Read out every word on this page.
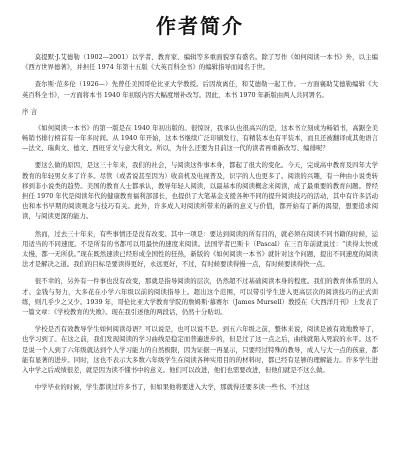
作者简介

莫提默·J.艾德勒（1902—2001）以学者、教育家、编辑等多重面貌享有盛名。除了写作《如何阅读一本书》外，以主编《西方世界德著》，并担任 1974 年第十五版《大英百科全书》的编辑指导而闻名于世。

查尔斯·范多伦（1926—）先曾任美国哥伦比亚大学教授。后因故离任，和艾德勒一起工作。一方面襄助艾德勒编辑《大英百科全书》，一方面将本书 1940 年初版内容大幅度增补改写。因此，本书 1970 年新版由两人共同署名。

序 言

《如何阅读一本书》的第一版是在 1940 年初出版的。很惊讶，我承认也很高兴的是，这本书立刻成为畅销书，高踞全美畅销书排行榜首有一年多时间。从 1940 年开始，这本书继续广泛印刷发行，有精装本也有平装本，而且还被翻译成其他语言—法文、瑞典文、德文、西班牙文与意大利文。所以，为什么还要为目前这一代的读者再重新改写、编排呢？

要这么做的原因，是这三十年来，我们的社会，与阅读这件事本身，都起了很大的变化。今天，完成高中教育及四年大学教育的年轻男女多了许多。尽管（或者说甚至因为）收音机及电视普及，识字的人也更多了。阅读的兴趣，有一种由小说类转移到非小说类的趋势。美国的教育人士都承认，教导年轻人阅读，以最基本的阅读概念来阅读，成了最重要的教育问题。曾经担任 1970 年代是阅读年代的健康教育福利部部长，也提供了大笔基金支援各种不同的提升阅读技巧的活动，其中有许多活动也和本书早期的阅读观念与技巧有关。此外，许多成人对阅读所带来的新的意义与价值，都开始有了新的渴望，想要追求阅读，与阅读更深的能力。

然而，过去三十年来，有些事情还是没有改变。其中一项是：要达到阅读的所有目的，就必须在阅读不同书籍的时候，运用适当的不同速度。不是所有的书都可以用最快的速度来阅读。法国学者巴斯卡（Pascal）在三百年前就说过：“读得太快或太慢，都一无所获。”现在既然速读已经形成全国性的狂热，新版的《如何阅读一本书》就针对这个问题，提出不同速度的阅读法才是解决之道。我们的目标是要读得更好，永远更好，不过，有时候要读得慢一点，有时候要读得快一点。

很不幸的，另外有一件事也没有改变，那就是指导阅读的层次，仍然超不过基础阅读本身的程度。我们的教育体系里的人才、金钱与努力，大多花在小学六年级以前的阅读指导上。超出这个范围，可以带引学生进入更高层次的阅读技巧的正式训练，则几乎少之又少。1939 年，哥伦比亚大学教育学院的詹姆斯·慕赛尔（James Mursell）教授在《大西洋月刊》上发表了一篇文章：《学校教育的失败》。现在我引述他的两段话，仍然十分贴切。

学校是否有效教导学生如何阅读母语？可以说是，也可以说不是。到五六年级之前，整体来说，阅读是被有效地教导了，也学习到了。在这之前，我们发现阅读的学习曲线是稳定而普遍进步的，但是过了这一点之后，曲线就陷入死寂的水平。这不是说一个人到了六年级就达到个人学习能力的自然极限，因为证据一再显示，只要经过特殊的教导，成人与大一点的孩童，都能有显著的进步。同时，这也不表示大多数六年级学生在阅读各种实用目的的材料时，都已经有足够的理解能力。许多学生进入中学之后成绩很差，就是因为读不懂书中的意义。他们可以改进，他们也需要改进，但他们就是不这么做。

中学毕业的时候，学生都读过许多书了，但如果他将要进入大学，那就得还要多读一些书。不过这
